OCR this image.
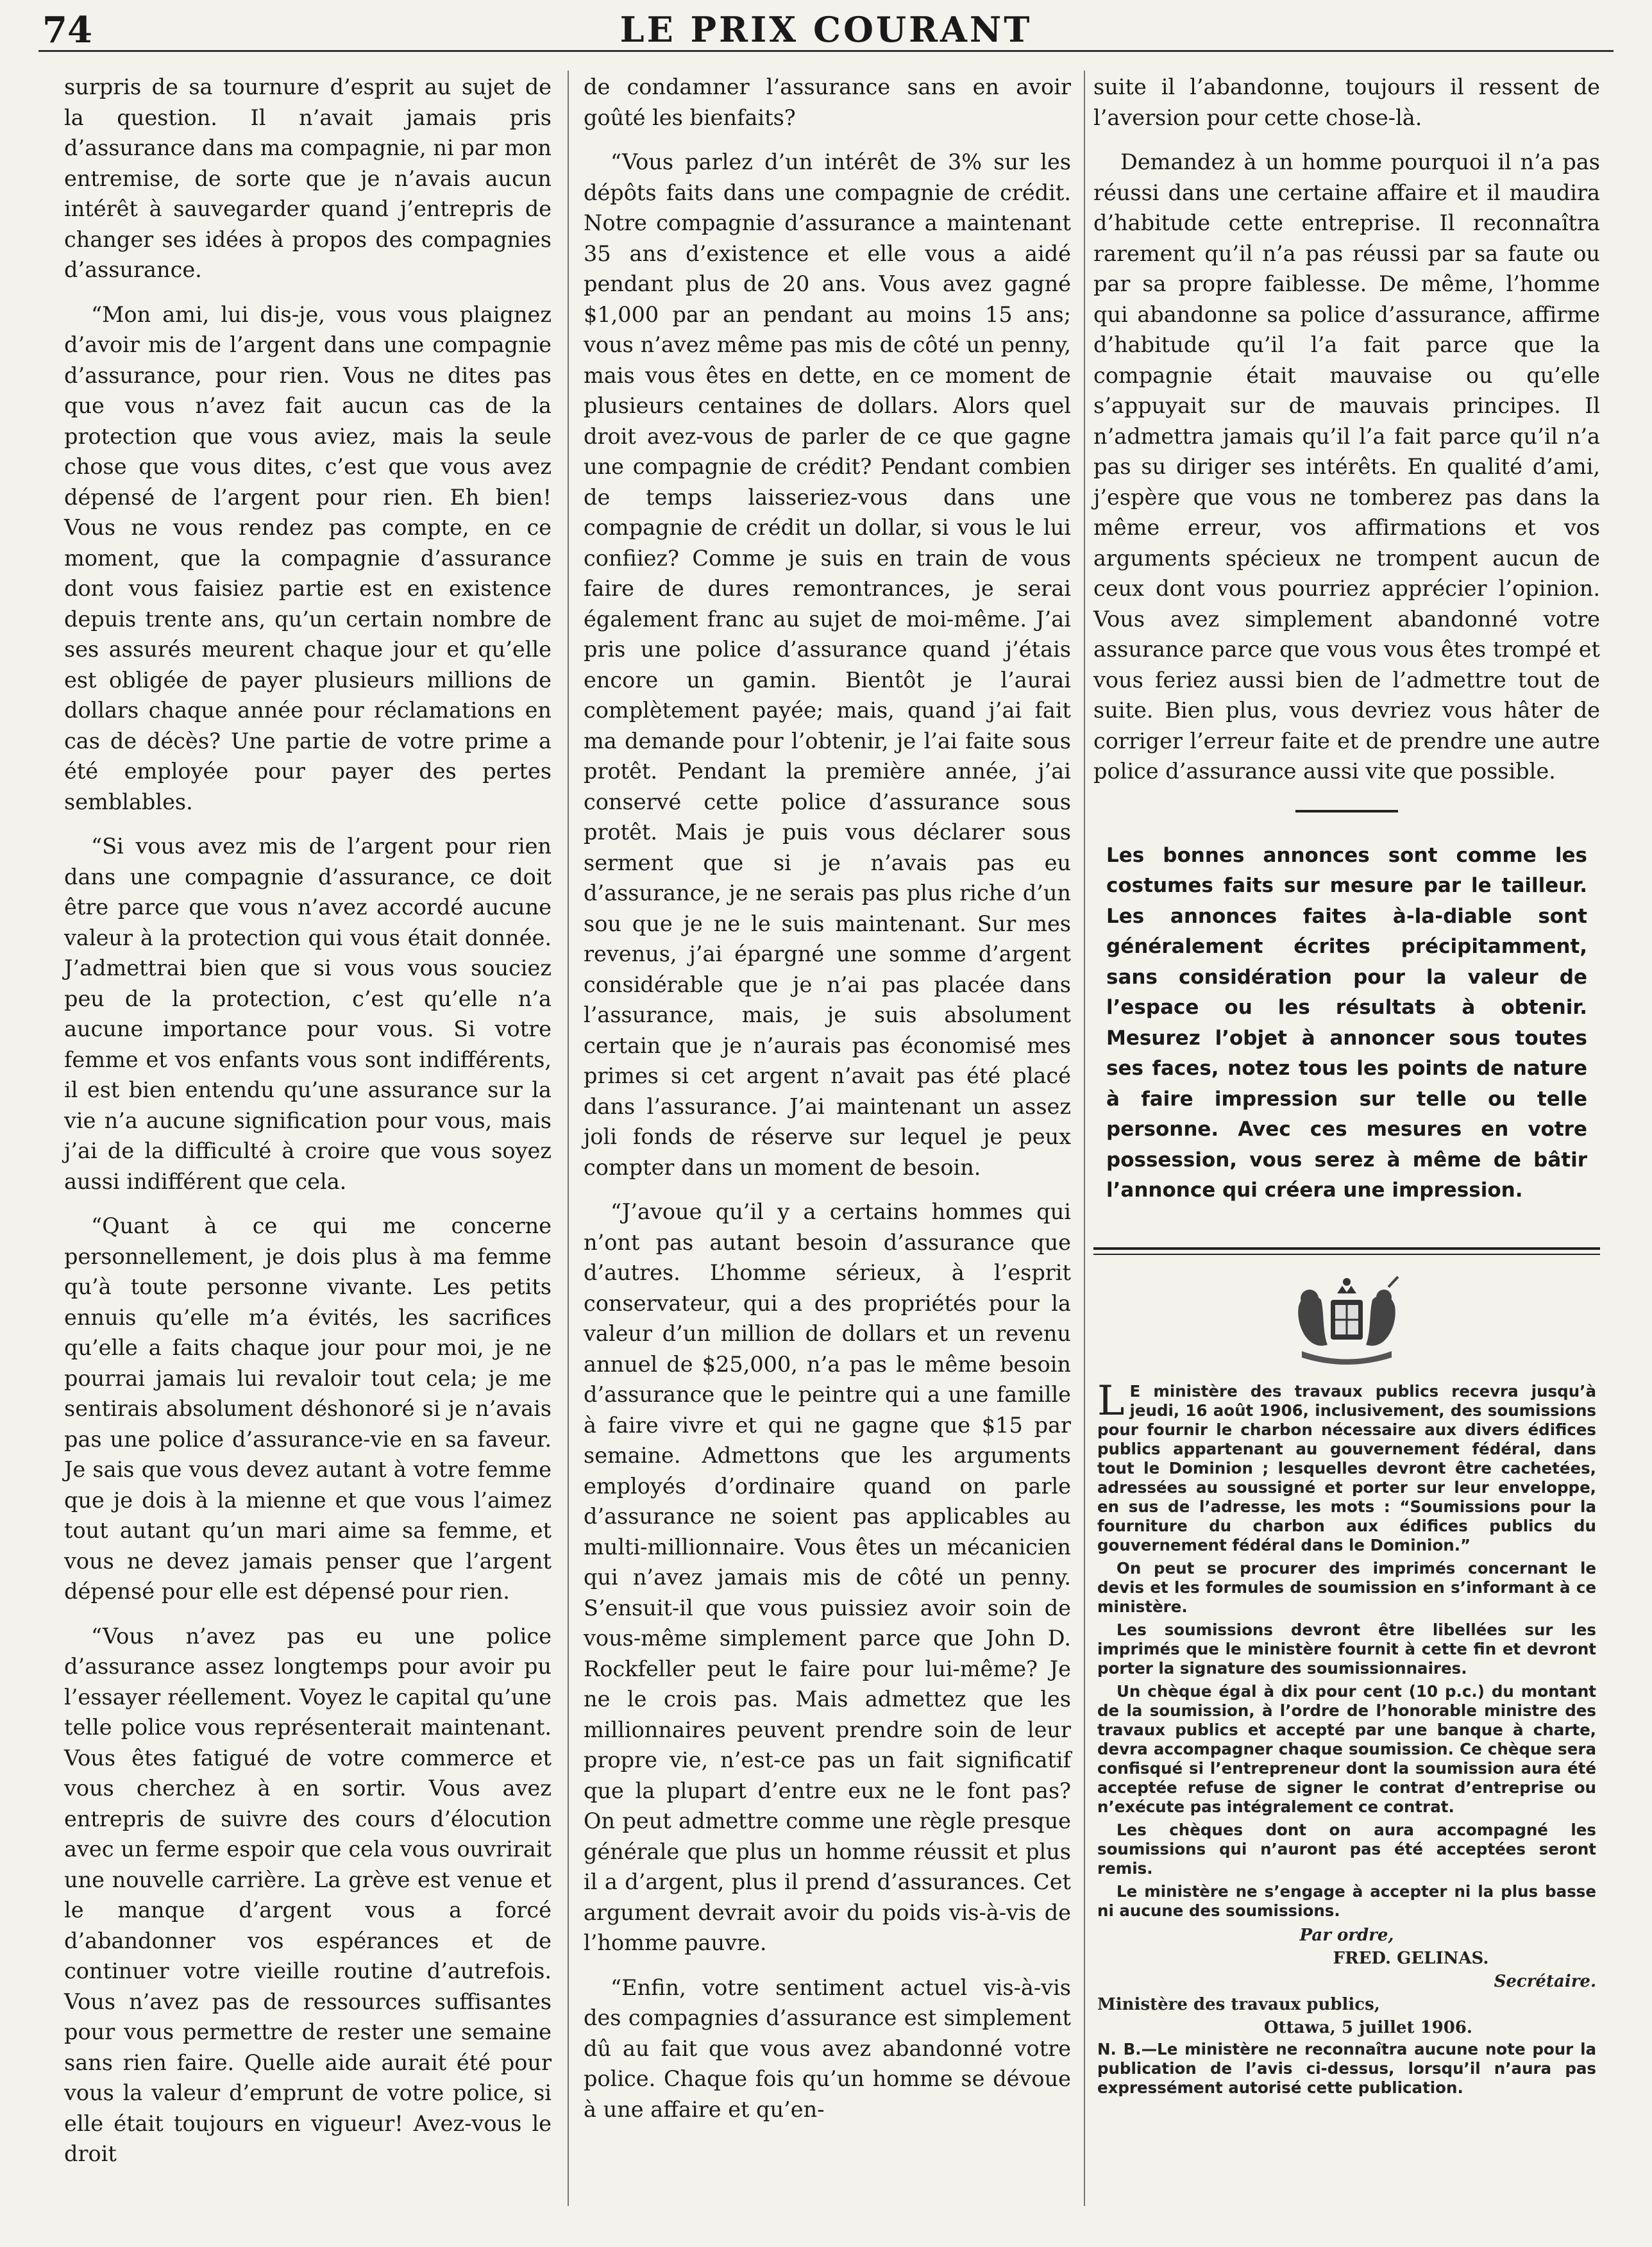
74	LE PRIX COURANT

surpris de sa tournure d’esprit au sujet de la question. Il n’avait jamais pris d’assurance dans ma compagnie, ni par mon entremise, de sorte que je n’avais aucun intérêt à sauvegarder quand j’entrepris de changer ses idées à propos des compagnies d’assurance.

“Mon ami, lui dis-je, vous vous plaignez d’avoir mis de l’argent dans une compagnie d’assurance, pour rien. Vous ne dites pas que vous n’avez fait aucun cas de la protection que vous aviez, mais la seule chose que vous dites, c’est que vous avez dépensé de l’argent pour rien. Eh bien! Vous ne vous rendez pas compte, en ce moment, que la compagnie d’assurance dont vous faisiez partie est en existence depuis trente ans, qu’un certain nombre de ses assurés meurent chaque jour et qu’elle est obligée de payer plusieurs millions de dollars chaque année pour réclamations en cas de décès? Une partie de votre prime a été employée pour payer des pertes semblables.

“Si vous avez mis de l’argent pour rien dans une compagnie d’assurance, ce doit être parce que vous n’avez accordé aucune valeur à la protection qui vous était donnée. J’admettrai bien que si vous vous souciez peu de la protection, c’est qu’elle n’a aucune importance pour vous. Si votre femme et vos enfants vous sont indifférents, il est bien entendu qu’une assurance sur la vie n’a aucune signification pour vous, mais j’ai de la difficulté à croire que vous soyez aussi indifférent que cela.

“Quant à ce qui me concerne personnellement, je dois plus à ma femme qu’à toute personne vivante. Les petits ennuis qu’elle m’a évités, les sacrifices qu’elle a faits chaque jour pour moi, je ne pourrai jamais lui revaloir tout cela; je me sentirais absolument déshonoré si je n’avais pas une police d’assurance-vie en sa faveur. Je sais que vous devez autant à votre femme que je dois à la mienne et que vous l’aimez tout autant qu’un mari aime sa femme, et vous ne devez jamais penser que l’argent dépensé pour elle est dépensé pour rien.

“Vous n’avez pas eu une police d’assurance assez longtemps pour avoir pu l’essayer réellement. Voyez le capital qu’une telle police vous représenterait maintenant. Vous êtes fatigué de votre commerce et vous cherchez à en sortir. Vous avez entrepris de suivre des cours d’élocution avec un ferme espoir que cela vous ouvrirait une nouvelle carrière. La grève est venue et le manque d’argent vous a forcé d’abandonner vos espérances et de continuer votre vieille routine d’autrefois. Vous n’avez pas de ressources suffisantes pour vous permettre de rester une semaine sans rien faire. Quelle aide aurait été pour vous la valeur d’emprunt de votre police, si elle était toujours en vigueur! Avez-vous le droit

de condamner l’assurance sans en avoir goûté les bienfaits?

“Vous parlez d’un intérêt de 3% sur les dépôts faits dans une compagnie de crédit. Notre compagnie d’assurance a maintenant 35 ans d’existence et elle vous a aidé pendant plus de 20 ans. Vous avez gagné $1,000 par an pendant au moins 15 ans; vous n’avez même pas mis de côté un penny, mais vous êtes en dette, en ce moment de plusieurs centaines de dollars. Alors quel droit avez-vous de parler de ce que gagne une compagnie de crédit? Pendant combien de temps laisseriez-vous dans une compagnie de crédit un dollar, si vous le lui confiiez? Comme je suis en train de vous faire de dures remontrances, je serai également franc au sujet de moi-même. J’ai pris une police d’assurance quand j’étais encore un gamin. Bientôt je l’aurai complètement payée; mais, quand j’ai fait ma demande pour l’obtenir, je l’ai faite sous protêt. Pendant la première année, j’ai conservé cette police d’assurance sous protêt. Mais je puis vous déclarer sous serment que si je n’avais pas eu d’assurance, je ne serais pas plus riche d’un sou que je ne le suis maintenant. Sur mes revenus, j’ai épargné une somme d’argent considérable que je n’ai pas placée dans l’assurance, mais, je suis absolument certain que je n’aurais pas économisé mes primes si cet argent n’avait pas été placé dans l’assurance. J’ai maintenant un assez joli fonds de réserve sur lequel je peux compter dans un moment de besoin.

“J’avoue qu’il y a certains hommes qui n’ont pas autant besoin d’assurance que d’autres. L’homme sérieux, à l’esprit conservateur, qui a des propriétés pour la valeur d’un million de dollars et un revenu annuel de $25,000, n’a pas le même besoin d’assurance que le peintre qui a une famille à faire vivre et qui ne gagne que $15 par semaine. Admettons que les arguments employés d’ordinaire quand on parle d’assurance ne soient pas applicables au multi-millionnaire. Vous êtes un mécanicien qui n’avez jamais mis de côté un penny. S’ensuit-il que vous puissiez avoir soin de vous-même simplement parce que John D. Rockfeller peut le faire pour lui-même? Je ne le crois pas. Mais admettez que les millionnaires peuvent prendre soin de leur propre vie, n’est-ce pas un fait significatif que la plupart d’entre eux ne le font pas? On peut admettre comme une règle presque générale que plus un homme réussit et plus il a d’argent, plus il prend d’assurances. Cet argument devrait avoir du poids vis-à-vis de l’homme pauvre.

“Enfin, votre sentiment actuel vis-à-vis des compagnies d’assurance est simplement dû au fait que vous avez abandonné votre police. Chaque fois qu’un homme se dévoue à une affaire et qu’en-

suite il l’abandonne, toujours il ressent de l’aversion pour cette chose-là.

Demandez à un homme pourquoi il n’a pas réussi dans une certaine affaire et il maudira d’habitude cette entreprise. Il reconnaîtra rarement qu’il n’a pas réussi par sa faute ou par sa propre faiblesse. De même, l’homme qui abandonne sa police d’assurance, affirme d’habitude qu’il l’a fait parce que la compagnie était mauvaise ou qu’elle s’appuyait sur de mauvais principes. Il n’admettra jamais qu’il l’a fait parce qu’il n’a pas su diriger ses intérêts. En qualité d’ami, j’espère que vous ne tomberez pas dans la même erreur, vos affirmations et vos arguments spécieux ne trompent aucun de ceux dont vous pourriez apprécier l’opinion. Vous avez simplement abandonné votre assurance parce que vous vous êtes trompé et vous feriez aussi bien de l’admettre tout de suite. Bien plus, vous devriez vous hâter de corriger l’erreur faite et de prendre une autre police d’assurance aussi vite que possible.

Les bonnes annonces sont comme les costumes faits sur mesure par le tailleur. Les annonces faites à-la-diable sont généralement écrites précipitamment, sans considération pour la valeur de l’espace ou les résultats à obtenir. Mesurez l’objet à annoncer sous toutes ses faces, notez tous les points de nature à faire impression sur telle ou telle personne. Avec ces mesures en votre possession, vous serez à même de bâtir l’annonce qui créera une impression.

L E ministère des travaux publics recevra jusqu’à jeudi, 16 août 1906, inclusivement, des soumissions pour fournir le charbon nécessaire aux divers édifices publics appartenant au gouvernement fédéral, dans tout le Dominion ; lesquelles devront être cachetées, adressées au soussigné et porter sur leur enveloppe, en sus de l’adresse, les mots : “Soumissions pour la fourniture du charbon aux édifices publics du gouvernement fédéral dans le Dominion.”

On peut se procurer des imprimés concernant le devis et les formules de soumission en s’informant à ce ministère.

Les soumissions devront être libellées sur les imprimés que le ministère fournit à cette fin et devront porter la signature des soumissionnaires.

Un chèque égal à dix pour cent (10 p.c.) du montant de la soumission, à l’ordre de l’honorable ministre des travaux publics et accepté par une banque à charte, devra accompagner chaque soumission. Ce chèque sera confisqué si l’entrepreneur dont la soumission aura été acceptée refuse de signer le contrat d’entreprise ou n’exécute pas intégralement ce contrat.

Les chèques dont on aura accompagné les soumissions qui n’auront pas été acceptées seront remis.

Le ministère ne s’engage à accepter ni la plus basse ni aucune des soumissions.

Par ordre,
FRED. GELINAS.
Secrétaire.
Ministère des travaux publics,
Ottawa, 5 juillet 1906.

N. B.—Le ministère ne reconnaîtra aucune note pour la publication de l’avis ci-dessus, lorsqu’il n’aura pas expressément autorisé cette publication.
